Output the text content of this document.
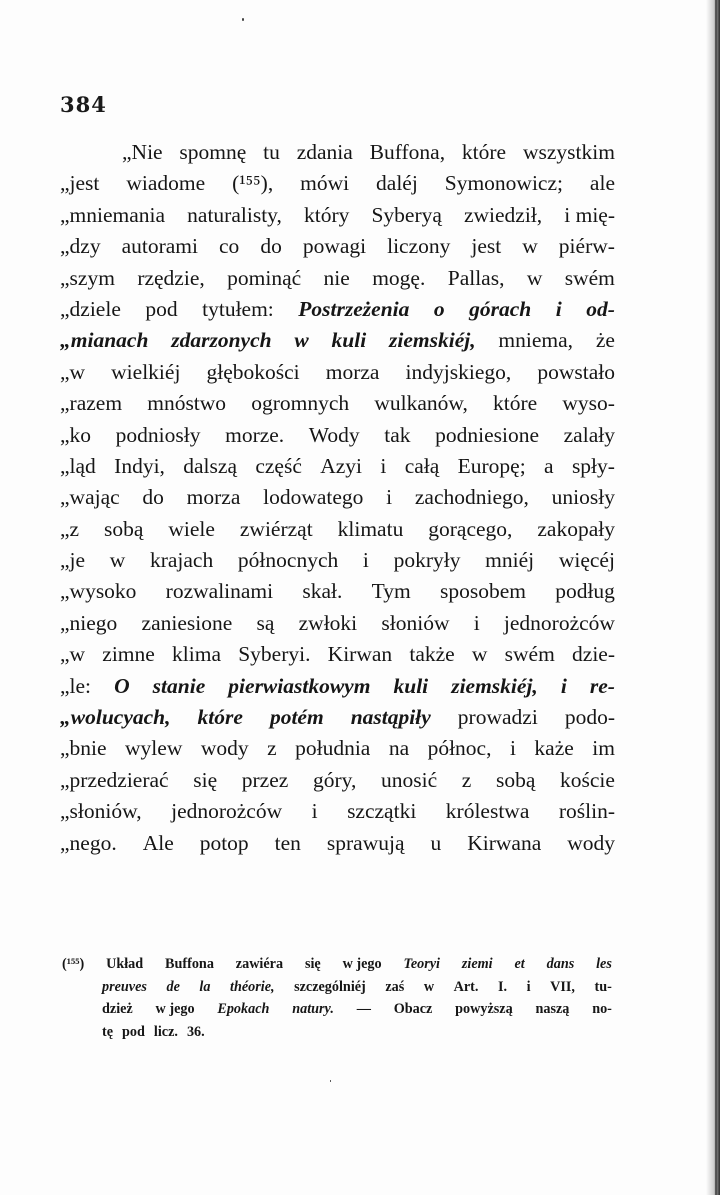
384
„Nie spomnę tu zdania Buffona, które wszystkim
„jest wiadome (¹⁵⁵), mówi daléj Symonowicz; ale
„mniemania naturalisty, który Syberyą zwiedził, i mię-
„dzy autorami co do powagi liczony jest w piérw-
„szym rzędzie, pominąć nie mogę. Pallas, w swém
„dziele pod tytułem: Postrzeżenia o górach i od-
„mianach zdarzonych w kuli ziemskiéj, mniema, że
„w wielkiéj głębokości morza indyjskiego, powstało
„razem mnóstwo ogromnych wulkanów, które wyso-
„ko podniosły morze. Wody tak podniesione zalały
„ląd Indyi, dalszą część Azyi i całą Europę; a spły-
„wając do morza lodowatego i zachodniego, uniosły
„z sobą wiele zwiérząt klimatu gorącego, zakopały
„je w krajach północnych i pokryły mniéj więcéj
„wysoko rozwalinami skał. Tym sposobem podług
„niego zaniesione są zwłoki słoniów i jednorożców
„w zimne klima Syberyi. Kirwan także w swém dzie-
„le: O stanie pierwiastkowym kuli ziemskiéj, i re-
„wolucyach, które potém nastąpiły prowadzi podo-
„bnie wylew wody z południa na północ, i każe im
„przedzierać się przez góry, unosić z sobą koście
„słoniów, jednorożców i szczątki królestwa roślin-
„nego. Ale potop ten sprawują u Kirwana wody
(¹⁵⁵) Układ Buffona zawiéra się w jego Teoryi ziemi et dans les
preuves de la théorie, szczególniéj zaś w Art. I. i VII, tu-
dzież w jego Epokach natury. — Obacz powyższą naszą no-
tę pod licz. 36.
